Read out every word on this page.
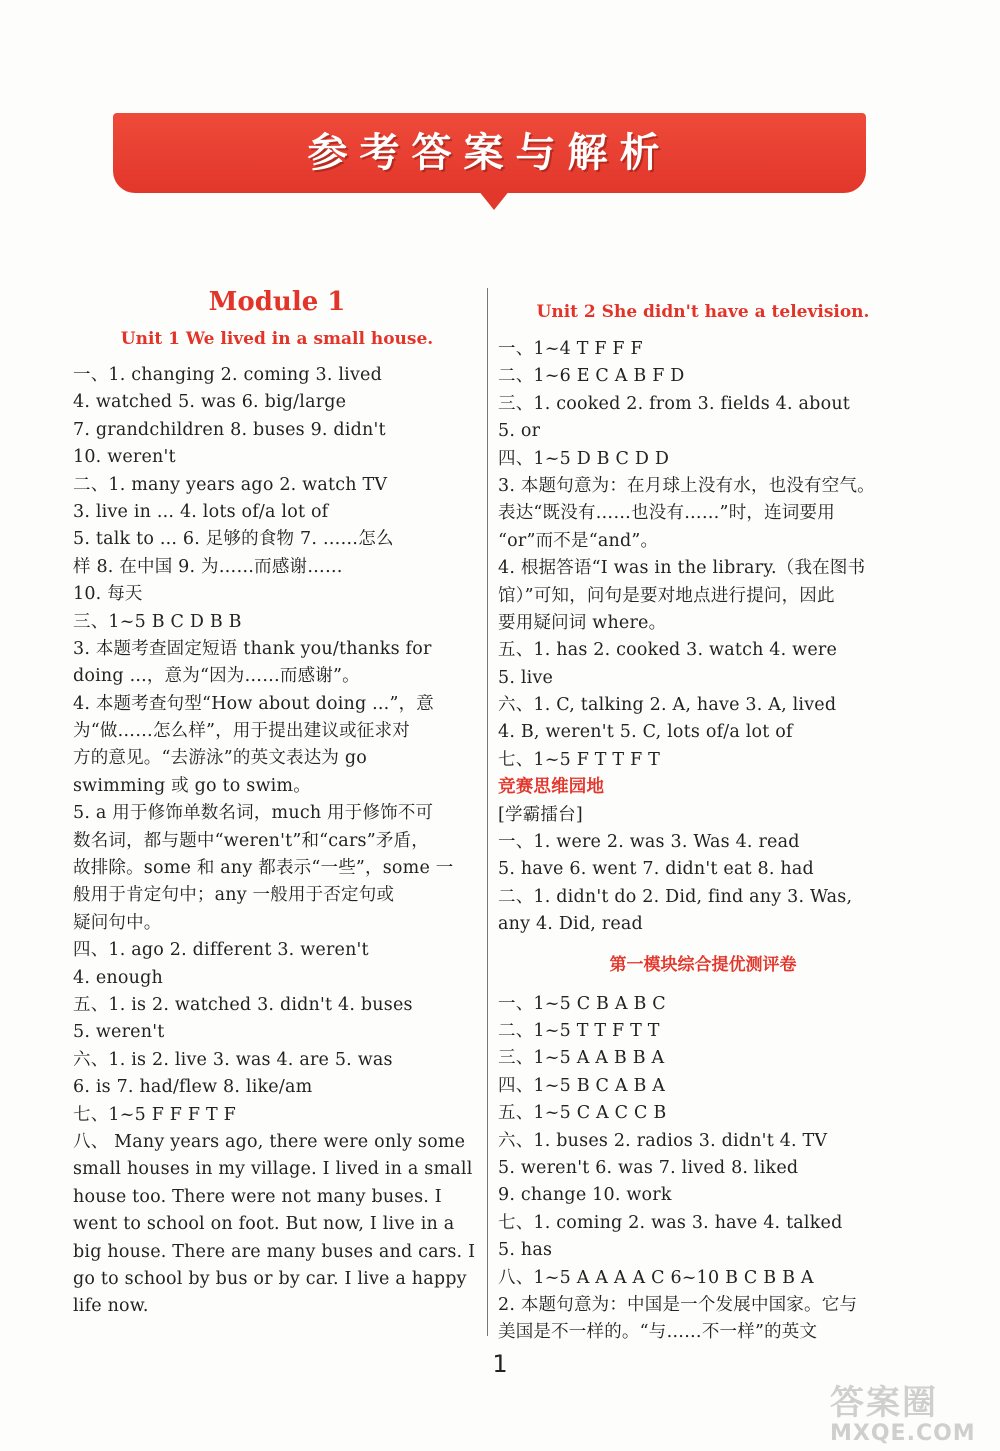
参考答案与解析
Module 1
Unit 1 We lived in a small house.
一、1. changing 2. coming 3. lived
4. watched 5. was 6. big/large
7. grandchildren 8. buses 9. didn't
10. weren't
二、1. many years ago 2. watch TV
3. live in ... 4. lots of/a lot of
5. talk to ... 6. 足够的食物 7. ……怎么
样 8. 在中国 9. 为……而感谢……
10. 每天
三、1~5 B C D B B
3. 本题考查固定短语 thank you/thanks for
doing ...，意为“因为……而感谢”。
4. 本题考查句型“How about doing ...”，意
为“做……怎么样”，用于提出建议或征求对
方的意见。“去游泳”的英文表达为 go
swimming 或 go to swim。
5. a 用于修饰单数名词，much 用于修饰不可
数名词，都与题中“weren't”和“cars”矛盾，
故排除。some 和 any 都表示“一些”，some 一
般用于肯定句中；any 一般用于否定句或
疑问句中。
四、1. ago 2. different 3. weren't
4. enough
五、1. is 2. watched 3. didn't 4. buses
5. weren't
六、1. is 2. live 3. was 4. are 5. was
6. is 7. had/flew 8. like/am
七、1~5 F F F T F
八、 Many years ago, there were only some
small houses in my village. I lived in a small
house too. There were not many buses. I
went to school on foot. But now, I live in a
big house. There are many buses and cars. I
go to school by bus or by car. I live a happy
life now.
Unit 2 She didn't have a television.
一、1~4 T F F F
二、1~6 E C A B F D
三、1. cooked 2. from 3. fields 4. about
5. or
四、1~5 D B C D D
3. 本题句意为：在月球上没有水，也没有空气。
表达“既没有……也没有……”时，连词要用
“or”而不是“and”。
4. 根据答语“I was in the library.（我在图书
馆）”可知，问句是要对地点进行提问，因此
要用疑问词 where。
五、1. has 2. cooked 3. watch 4. were
5. live
六、1. C, talking 2. A, have 3. A, lived
4. B, weren't 5. C, lots of/a lot of
七、1~5 F T T F T
竞赛思维园地
[学霸擂台]
一、1. were 2. was 3. Was 4. read
5. have 6. went 7. didn't eat 8. had
二、1. didn't do 2. Did, find any 3. Was,
any 4. Did, read
第一模块综合提优测评卷
一、1~5 C B A B C
二、1~5 T T F T T
三、1~5 A A B B A
四、1~5 B C A B A
五、1~5 C A C C B
六、1. buses 2. radios 3. didn't 4. TV
5. weren't 6. was 7. lived 8. liked
9. change 10. work
七、1. coming 2. was 3. have 4. talked
5. has
八、1~5 A A A A C 6~10 B C B B A
2. 本题句意为：中国是一个发展中国家。它与
美国是不一样的。“与……不一样”的英文
1
答案圈
MXQE.COM
